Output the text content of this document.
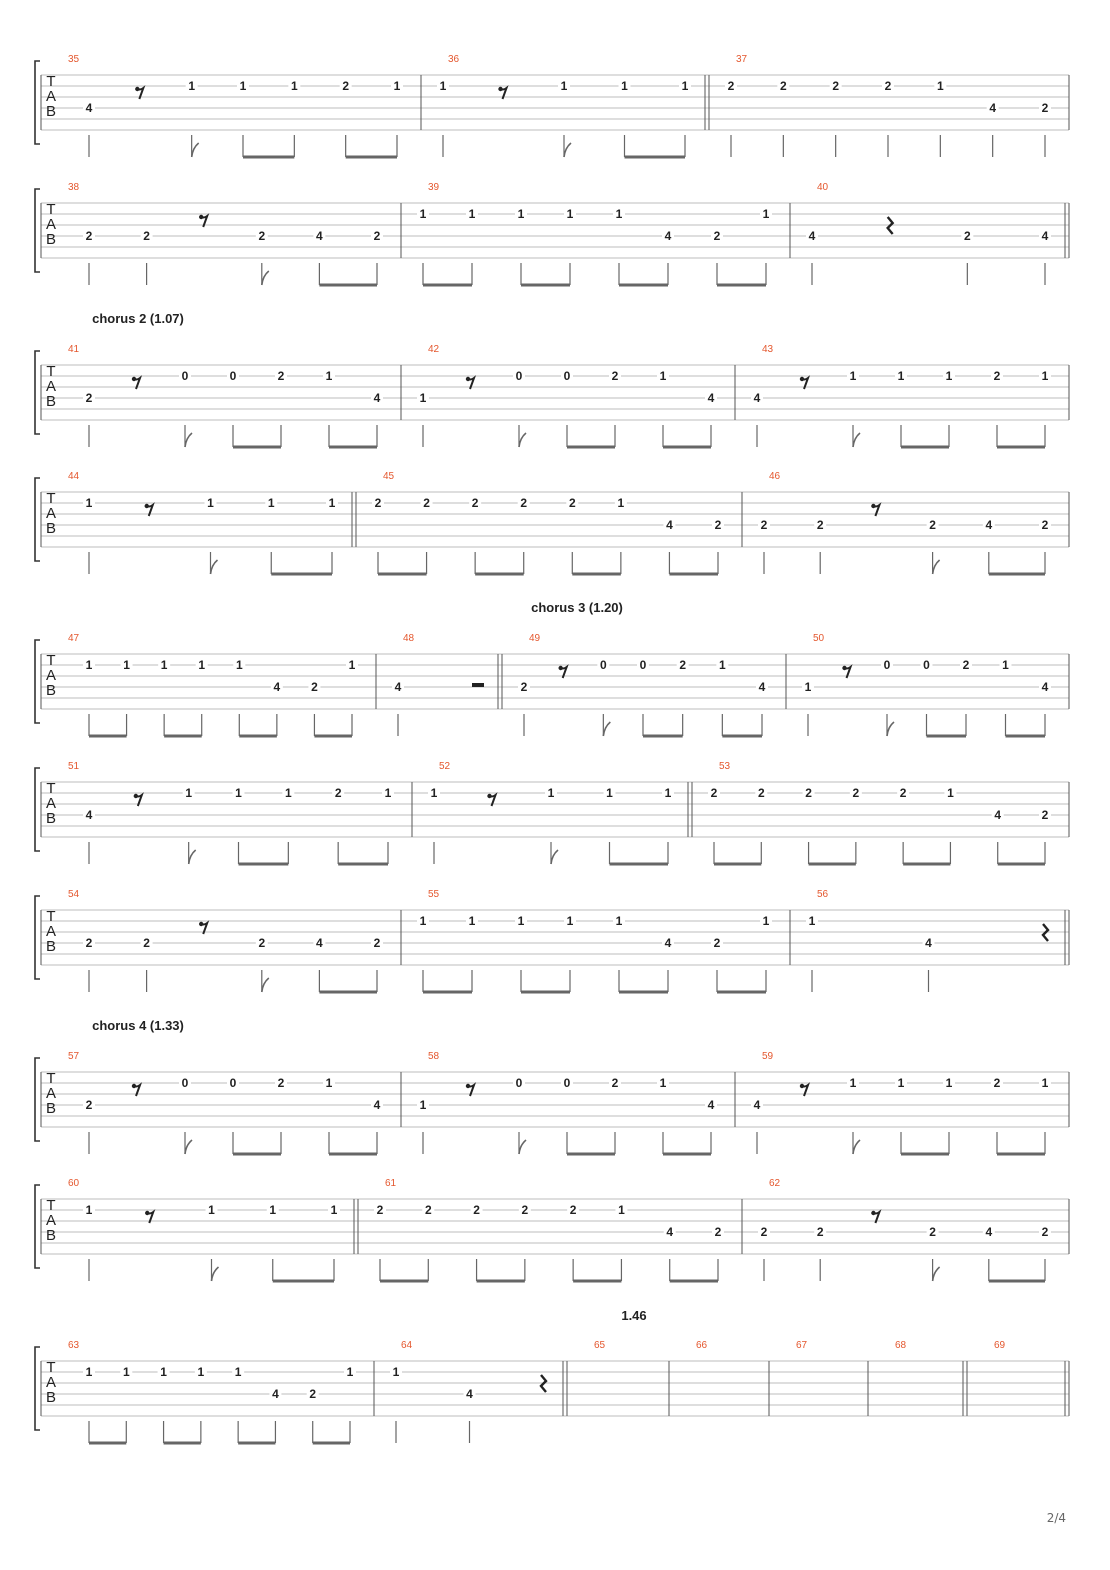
T
A
B
35
4
1	1	1	2	1
36
1	1	1	1
37
2	2	2	2	1
4	2
T
A
B
38
2	2	2	4	2
39
1	1	1	1	1
4	2
1
40
4	2	4
chorus 2 (1.07)
T
A
B
41
2
0	0	2	1
4
42
1
0	0	2	1
4
43
4
1	1	1	2	1
T
A
B
44
1	1	1	1
45
2	2	2	2	2	1
4	2
46
2	2	2	4	2
chorus 3 (1.20)
T
A
B
47
1	1	1	1	1
4	2
1
48
4
49
2
0	0	2	1
4
50
1
0	0	2	1
4
T
A
B
51
4
1	1	1	2	1
52
1	1	1	1
53
2	2	2	2	2	1
4	2
T
A
B
54
2	2	2	4	2
55
1	1	1	1	1
4	2
1
56
1
4
chorus 4 (1.33)
T
A
B
57
2
0	0	2	1
4
58
1
0	0	2	1
4
59
4
1	1	1	2	1
T
A
B
60
1	1	1	1
61
2	2	2	2	2	1
4	2
62
2	2	2	4	2
1.46
T
A
B
63
1	1	1	1	1
4	2
1
64
1
4
65	66	67	68	69
2/4
